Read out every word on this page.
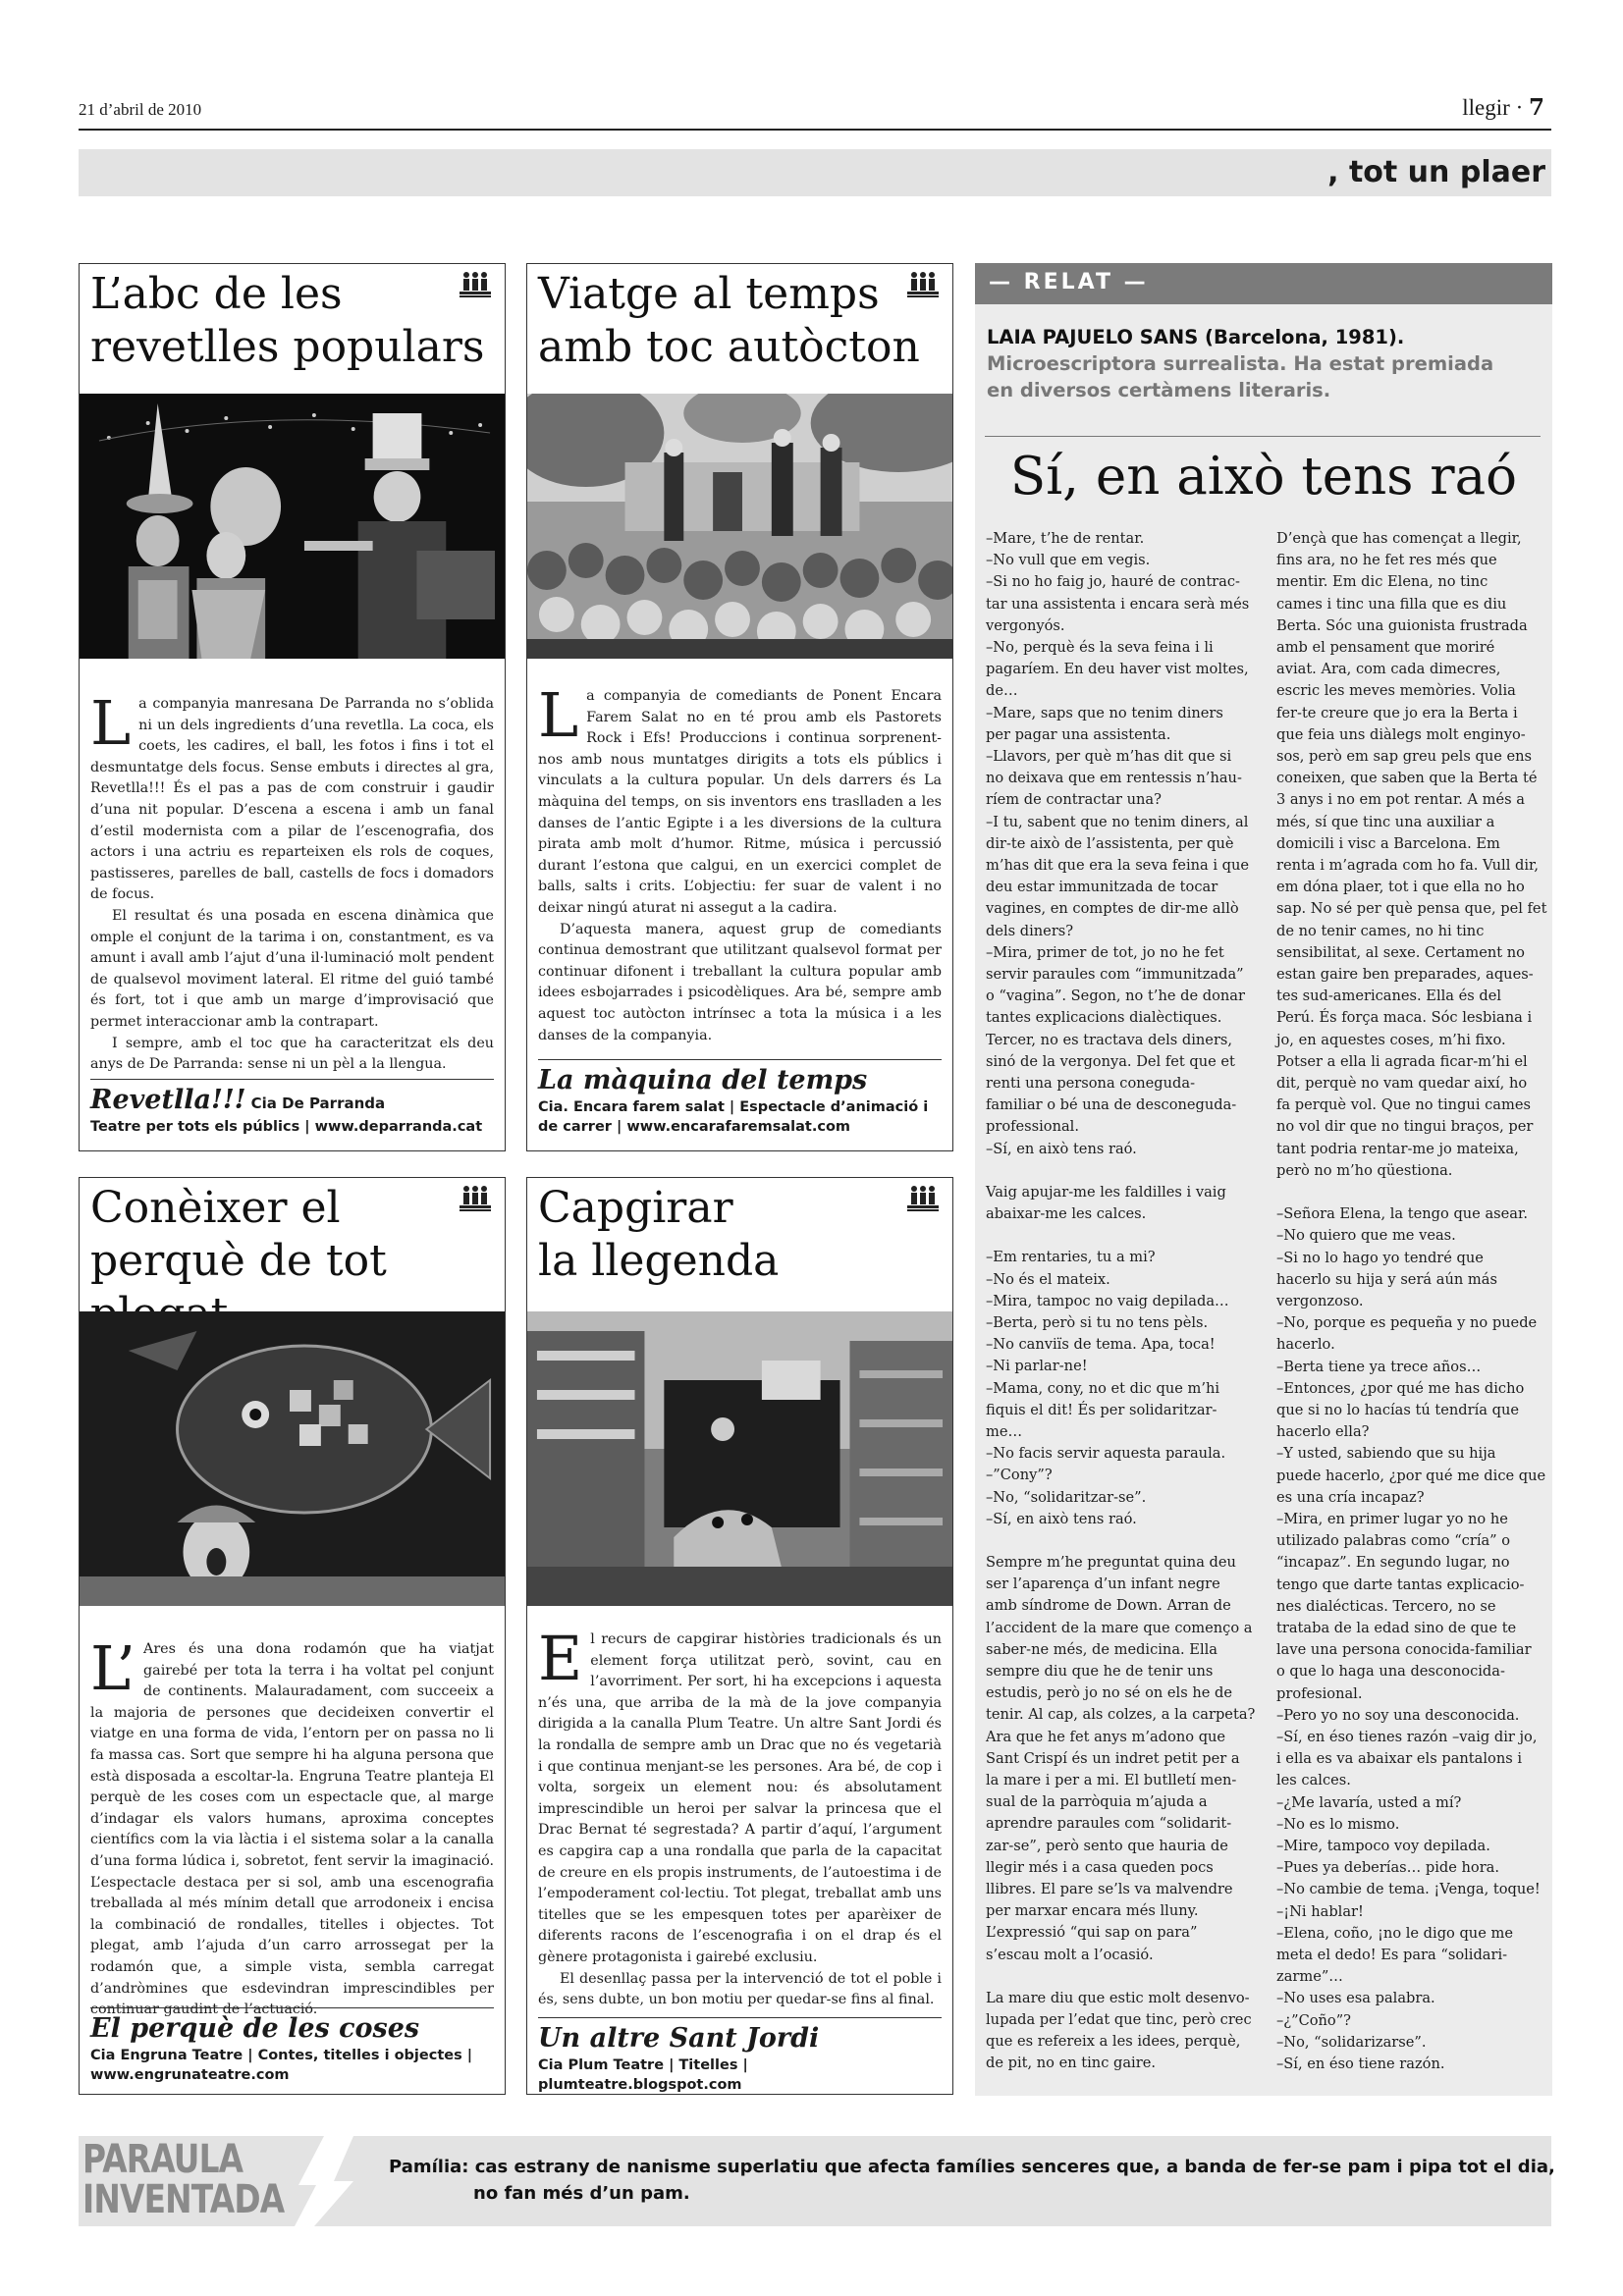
21 d’abril de 2010	llegir · 7
, tot un plaer
L’abc de les
revetlles populars

La companyia manresana De Parranda no s’oblida ni un dels ingredients d’una revetlla. La coca, els coets, les cadires, el ball, les fotos i fins i tot el desmuntatge dels focus. Sense embuts i directes al gra, Revetlla!!! És el pas a pas de com construir i gaudir d’una nit popular. D’escena a escena i amb un fanal d’estil modernista com a pilar de l’escenografia, dos actors i una actriu es reparteixen els rols de coques, pastisseres, parelles de ball, castells de focs i domadors de focus.

El resultat és una posada en escena dinàmica que omple el conjunt de la tarima i on, constantment, es va amunt i avall amb l’ajut d’una il·luminació molt pendent de qualsevol moviment lateral. El ritme del guió també és fort, tot i que amb un marge d’improvisació que permet interaccionar amb la contrapart.

I sempre, amb el toc que ha caracteritzat els deu anys de De Parranda: sense ni un pèl a la llengua.

Revetlla!!! Cia De Parranda
Teatre per tots els públics | www.deparranda.cat
Viatge al temps
amb toc autòcton

La companyia de comediants de Ponent Encara Farem Salat no en té prou amb els Pastorets Rock i Efs! Produccions i continua sorprenent-nos amb nous muntatges dirigits a tots els públics i vinculats a la cultura popular. Un dels darrers és La màquina del temps, on sis inventors ens traslladen a les danses de l’antic Egipte i a les diversions de la cultura pirata amb molt d’humor. Ritme, música i percussió durant l’estona que calgui, en un exercici complet de balls, salts i crits. L’objectiu: fer suar de valent i no deixar ningú aturat ni assegut a la cadira.

D’aquesta manera, aquest grup de comediants continua demostrant que utilitzant qualsevol format per continuar difonent i treballant la cultura popular amb idees esbojarrades i psicodèliques. Ara bé, sempre amb aquest toc autòcton intrínsec a tota la música i a les danses de la companyia.

La màquina del temps
Cia. Encara farem salat | Espectacle d’animació i de carrer | www.encarafaremsalat.com
Conèixer el
perquè de tot

L’ Ares és una dona rodamón que ha viatjat gairebé per tota la terra i ha voltat pel conjunt de continents. Malauradament, com succeeix a la majoria de persones que decideixen convertir el viatge en una forma de vida, l’entorn per on passa no li fa massa cas. Sort que sempre hi ha alguna persona que està disposada a escoltar-la. Engruna Teatre planteja El perquè de les coses com un espectacle que, al marge d’indagar els valors humans, aproxima conceptes científics com la via làctia i el sistema solar a la canalla d’una forma lúdica i, sobretot, fent servir la imaginació. L’espectacle destaca per si sol, amb una escenografia treballada al més mínim detall que arrodoneix i encisa la combinació de rondalles, titelles i objectes. Tot plegat, amb l’ajuda d’un carro arrossegat per la rodamón que, a simple vista, sembla carregat d’andròmines que esdevindran imprescindibles per continuar gaudint de l’actuació.

El perquè de les coses
Cia Engruna Teatre | Contes, titelles i objectes | www.engrunateatre.com
Capgirar
la llegenda

El recurs de capgirar històries tradicionals és un element força utilitzat però, sovint, cau en l’avorriment. Per sort, hi ha excepcions i aquesta n’és una, que arriba de la mà de la jove companyia dirigida a la canalla Plum Teatre. Un altre Sant Jordi és la rondalla de sempre amb un Drac que no és vegetarià i que continua menjant-se les persones. Ara bé, de cop i volta, sorgeix un element nou: és absolutament imprescindible un heroi per salvar la princesa que el Drac Bernat té segrestada? A partir d’aquí, l’argument es capgira cap a una rondalla que parla de la capacitat de creure en els propis instruments, de l’autoestima i de l’empoderament col·lectiu. Tot plegat, treballat amb uns titelles que se les empesquen totes per aparèixer de diferents racons de l’escenografia i on el drap és el gènere protagonista i gairebé exclusiu.

El desenllaç passa per la intervenció de tot el poble i és, sens dubte, un bon motiu per quedar-se fins al final.

Un altre Sant Jordi
Cia Plum Teatre | Titelles | plumteatre.blogspot.com
— RELAT —
LAIA PAJUELO SANS (Barcelona, 1981).
Microescriptora surrealista. Ha estat premiada
en diversos certàmens literaris.
Sí, en això tens raó
–Mare, t’he de rentar.
–No vull que em vegis.
–Si no ho faig jo, hauré de contrac-
tar una assistenta i encara serà més
vergonyós.
–No, perquè és la seva feina i li
pagaríem. En deu haver vist moltes,
de…
–Mare, saps que no tenim diners
per pagar una assistenta.
–Llavors, per què m’has dit que si
no deixava que em rentessis n’hau-
ríem de contractar una?
–I tu, sabent que no tenim diners, al
dir-te això de l’assistenta, per què
m’has dit que era la seva feina i que
deu estar immunitzada de tocar
vagines, en comptes de dir-me allò
dels diners?
–Mira, primer de tot, jo no he fet
servir paraules com “immunitzada”
o “vagina”. Segon, no t’he de donar
tantes explicacions dialèctiques.
Tercer, no es tractava dels diners,
sinó de la vergonya. Del fet que et
renti una persona coneguda-
familiar o bé una de desconeguda-
professional.
–Sí, en això tens raó.
Vaig apujar-me les faldilles i vaig
abaixar-me les calces.
–Em rentaries, tu a mi?
–No és el mateix.
–Mira, tampoc no vaig depilada…
–Berta, però si tu no tens pèls.
–No canviïs de tema. Apa, toca!
–Ni parlar-ne!
–Mama, cony, no et dic que m’hi
fiquis el dit! És per solidaritzar-
me…
–No facis servir aquesta paraula.
–”Cony”?
–No, “solidaritzar-se”.
–Sí, en això tens raó.
Sempre m’he preguntat quina deu
ser l’aparença d’un infant negre
amb síndrome de Down. Arran de
l’accident de la mare que començo a
saber-ne més, de medicina. Ella
sempre diu que he de tenir uns
estudis, però jo no sé on els he de
tenir. Al cap, als colzes, a la carpeta?
Ara que he fet anys m’adono que
Sant Crispí és un indret petit per a
la mare i per a mi. El butlletí men-
sual de la parròquia m’ajuda a
aprendre paraules com “solidarit-
zar-se”, però sento que hauria de
llegir més i a casa queden pocs
llibres. El pare se’ls va malvendre
per marxar encara més lluny.
L’expressió “qui sap on para”
s’escau molt a l’ocasió.
La mare diu que estic molt desenvo-
lupada per l’edat que tinc, però crec
que es refereix a les idees, perquè,
de pit, no en tinc gaire.
D’ençà que has començat a llegir,
fins ara, no he fet res més que
mentir. Em dic Elena, no tinc
cames i tinc una filla que es diu
Berta. Sóc una guionista frustrada
amb el pensament que moriré
aviat. Ara, com cada dimecres,
escric les meves memòries. Volia
fer-te creure que jo era la Berta i
que feia uns diàlegs molt enginyo-
sos, però em sap greu pels que ens
coneixen, que saben que la Berta té
3 anys i no em pot rentar. A més a
més, sí que tinc una auxiliar a
domicili i visc a Barcelona. Em
renta i m’agrada com ho fa. Vull dir,
em dóna plaer, tot i que ella no ho
sap. No sé per què pensa que, pel fet
de no tenir cames, no hi tinc
sensibilitat, al sexe. Certament no
estan gaire ben preparades, aques-
tes sud-americanes. Ella és del
Perú. És força maca. Sóc lesbiana i
jo, en aquestes coses, m’hi fixo.
Potser a ella li agrada ficar-m’hi el
dit, perquè no vam quedar així, ho
fa perquè vol. Que no tingui cames
no vol dir que no tingui braços, per
tant podria rentar-me jo mateixa,
però no m’ho qüestiona.
–Señora Elena, la tengo que asear.
–No quiero que me veas.
–Si no lo hago yo tendré que
hacerlo su hija y será aún más
vergonzoso.
–No, porque es pequeña y no puede
hacerlo.
–Berta tiene ya trece años…
–Entonces, ¿por qué me has dicho
que si no lo hacías tú tendría que
hacerlo ella?
–Y usted, sabiendo que su hija
puede hacerlo, ¿por qué me dice que
es una cría incapaz?
–Mira, en primer lugar yo no he
utilizado palabras como “cría” o
“incapaz”. En segundo lugar, no
tengo que darte tantas explicacio-
nes dialécticas. Tercero, no se
trataba de la edad sino de que te
lave una persona conocida-familiar
o que lo haga una desconocida-
profesional.
–Pero yo no soy una desconocida.
–Sí, en éso tienes razón –vaig dir jo,
i ella es va abaixar els pantalons i
les calces.
–¿Me lavaría, usted a mí?
–No es lo mismo.
–Mire, tampoco voy depilada.
–Pues ya deberías… pide hora.
–No cambie de tema. ¡Venga, toque!
–¡Ni hablar!
–Elena, coño, ¡no le digo que me
meta el dedo! Es para “solidari-
zarme”…
–No uses esa palabra.
–¿”Coño”?
–No, “solidarizarse”.
–Sí, en éso tiene razón.
PARAULA
INVENTADA
Pamília: cas estrany de nanisme superlatiu que afecta famílies senceres que, a banda de fer-se pam i pipa tot el dia,
no fan més d’un pam.
